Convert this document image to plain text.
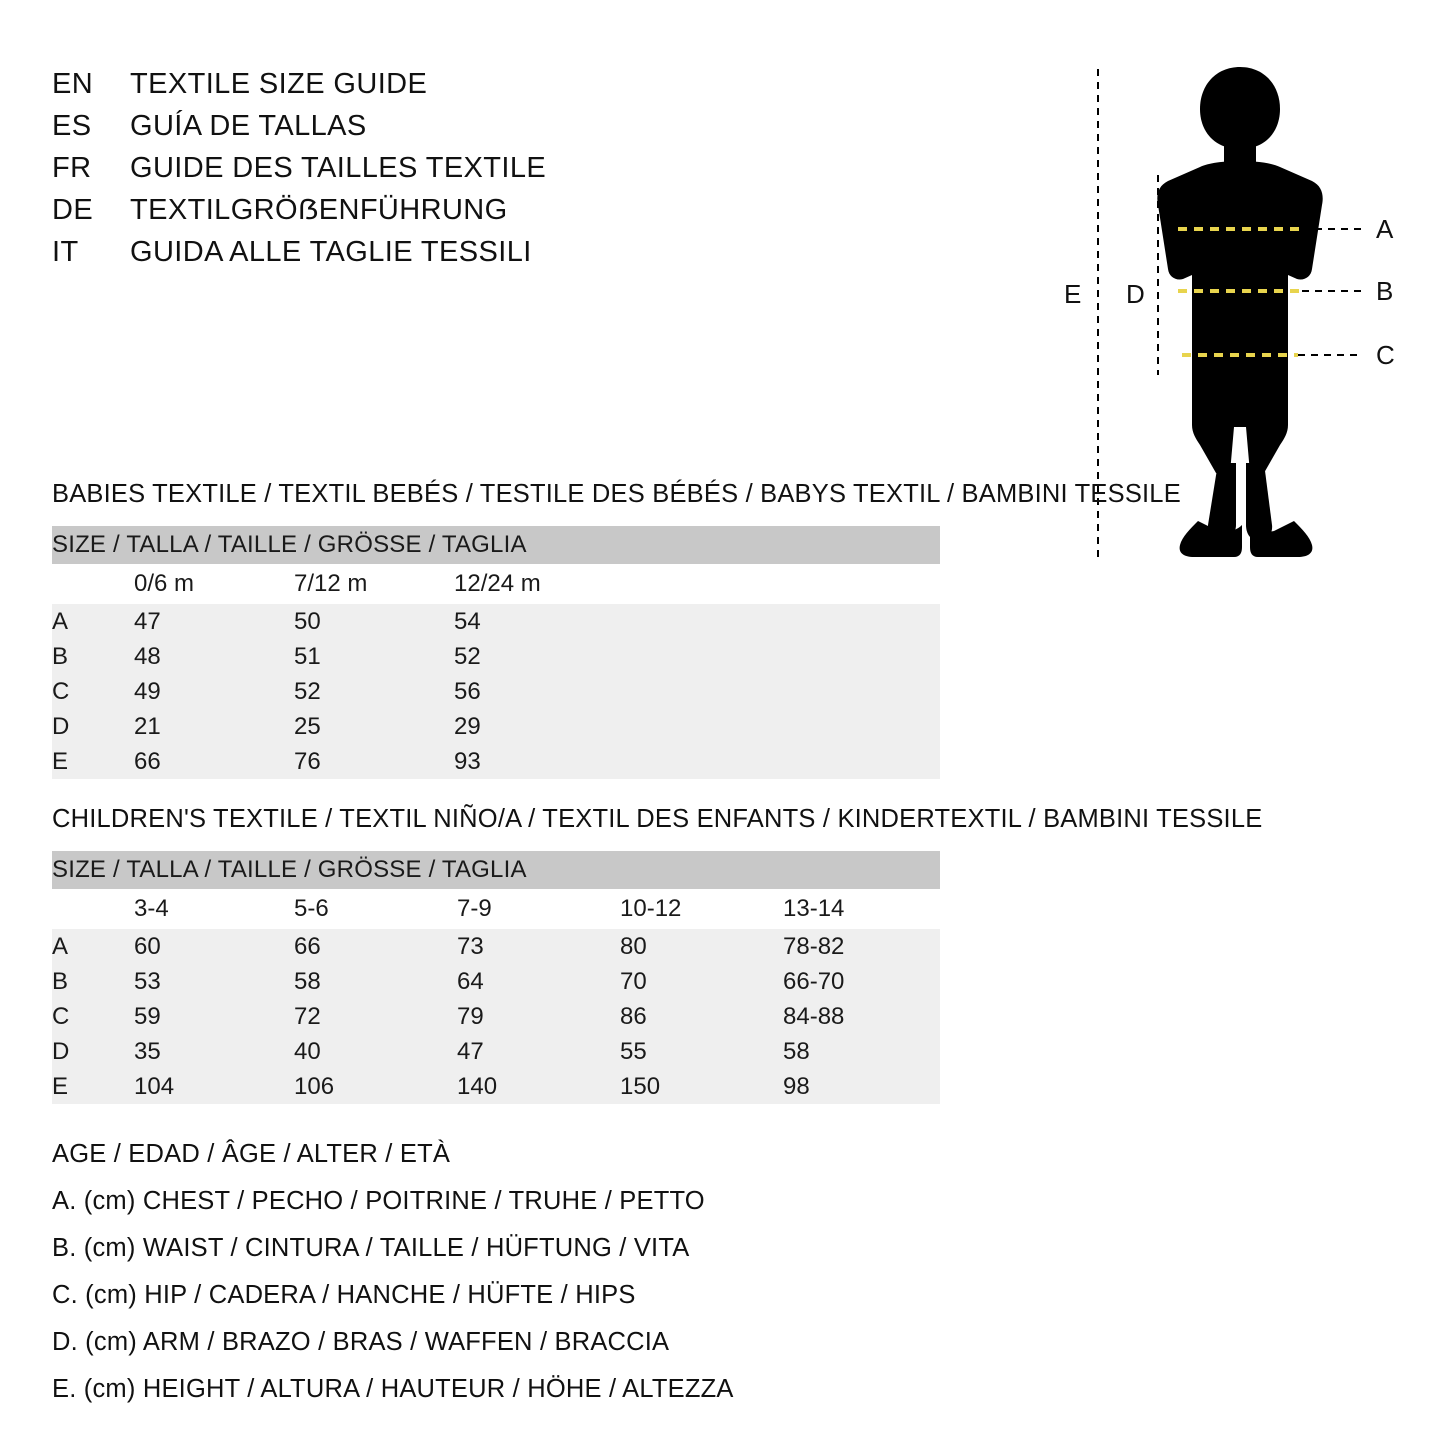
EN	TEXTILE SIZE GUIDE
ES	GUÍA DE TALLAS
FR	GUIDE DES TAILLES TEXTILE
DE	TEXTILGRÖẞENFÜHRUNG
IT	GUIDA ALLE TAGLIE TESSILI
A
B
C
D
E
BABIES TEXTILE / TEXTIL BEBÉS / TESTILE DES BÉBÉS / BABYS TEXTIL / BAMBINI TESSILE
SIZE / TALLA / TAILLE / GRÖSSE / TAGLIA			
	0/6 m	7/12 m	12/24 m
A	47	50	54
B	48	51	52
C	49	52	56
D	21	25	29
E	66	76	93
CHILDREN'S TEXTILE / TEXTIL NIÑO/A / TEXTIL DES ENFANTS / KINDERTEXTIL / BAMBINI TESSILE
SIZE / TALLA / TAILLE / GRÖSSE / TAGLIA					
	3-4	5-6	7-9	10-12	13-14
A	60	66	73	80	78-82
B	53	58	64	70	66-70
C	59	72	79	86	84-88
D	35	40	47	55	58
E	104	106	140	150	98
AGE / EDAD / ÂGE / ALTER / ETÀ
A. (cm) CHEST / PECHO / POITRINE / TRUHE / PETTO
B. (cm) WAIST / CINTURA / TAILLE / HÜFTUNG / VITA
C. (cm) HIP / CADERA / HANCHE / HÜFTE / HIPS
D. (cm) ARM / BRAZO / BRAS / WAFFEN / BRACCIA
E. (cm) HEIGHT / ALTURA / HAUTEUR / HÖHE / ALTEZZA
